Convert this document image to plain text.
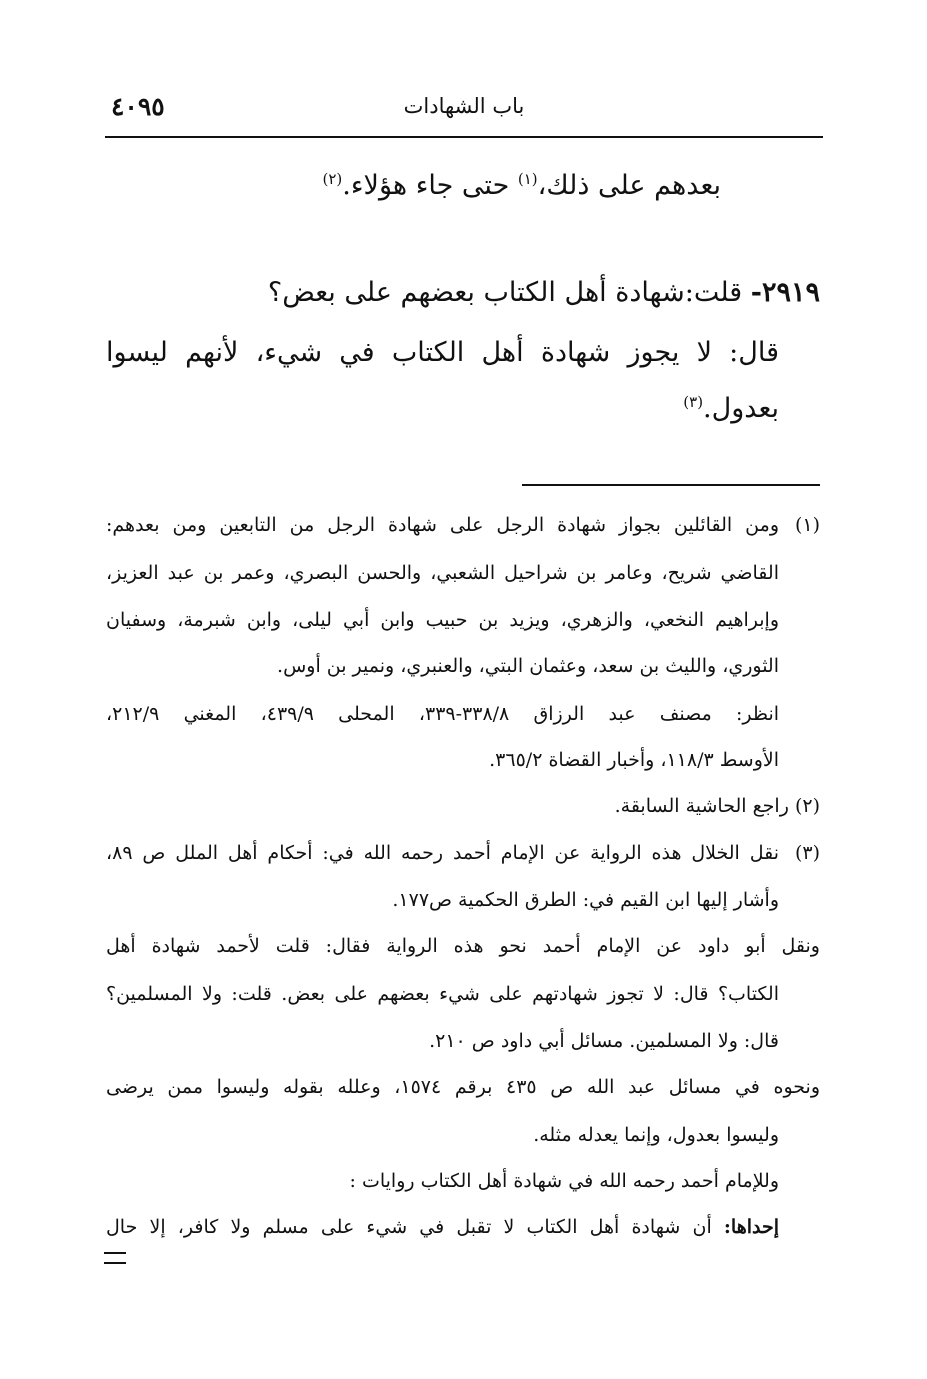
٤٠٩٥	باب الشهادات
بعدهم على ذلك،$^{(١)}$ حتى جاء هؤلاء.$^{(٢)}$
٢٩١٩- قلت:شهادة أهل الكتاب بعضهم على بعض؟
قال: لا يجوز شهادة أهل الكتاب في شيء، لأنهم ليسوا
بعدول.$^{(٣)}$
(١)
ومن القائلين بجواز شهادة الرجل على شهادة الرجل من التابعين ومن بعدهم:
القاضي شريح، وعامر بن شراحيل الشعبي، والحسن البصري، وعمر بن عبد العزيز،
وإبراهيم النخعي، والزهري، ويزيد بن حبيب وابن أبي ليلى، وابن شبرمة، وسفيان
الثوري، والليث بن سعد، وعثمان البتي، والعنبري، ونمير بن أوس.
انظر: مصنف عبد الرزاق ٣٣٨/٨-٣٣٩، المحلى ٤٣٩/٩، المغني ٢١٢/٩،
الأوسط ١١٨/٣، وأخبار القضاة ٣٦٥/٢.
(٢) راجع الحاشية السابقة.
(٣)
نقل الخلال هذه الرواية عن الإمام أحمد رحمه الله في: أحكام أهل الملل ص ٨٩،
وأشار إليها ابن القيم في: الطرق الحكمية ص١٧٧.
ونقل أبو داود عن الإمام أحمد نحو هذه الرواية فقال: قلت لأحمد شهادة أهل
الكتاب؟ قال: لا تجوز شهادتهم على شيء بعضهم على بعض. قلت: ولا المسلمين؟
قال: ولا المسلمين. مسائل أبي داود ص ٢١٠.
ونحوه في مسائل عبد الله ص ٤٣٥ برقم ١٥٧٤، وعلله بقوله وليسوا ممن يرضى
وليسوا بعدول، وإنما يعدله مثله.
وللإمام أحمد رحمه الله في شهادة أهل الكتاب روايات :
إحداها: أن شهادة أهل الكتاب لا تقبل في شيء على مسلم ولا كافر، إلا حال
